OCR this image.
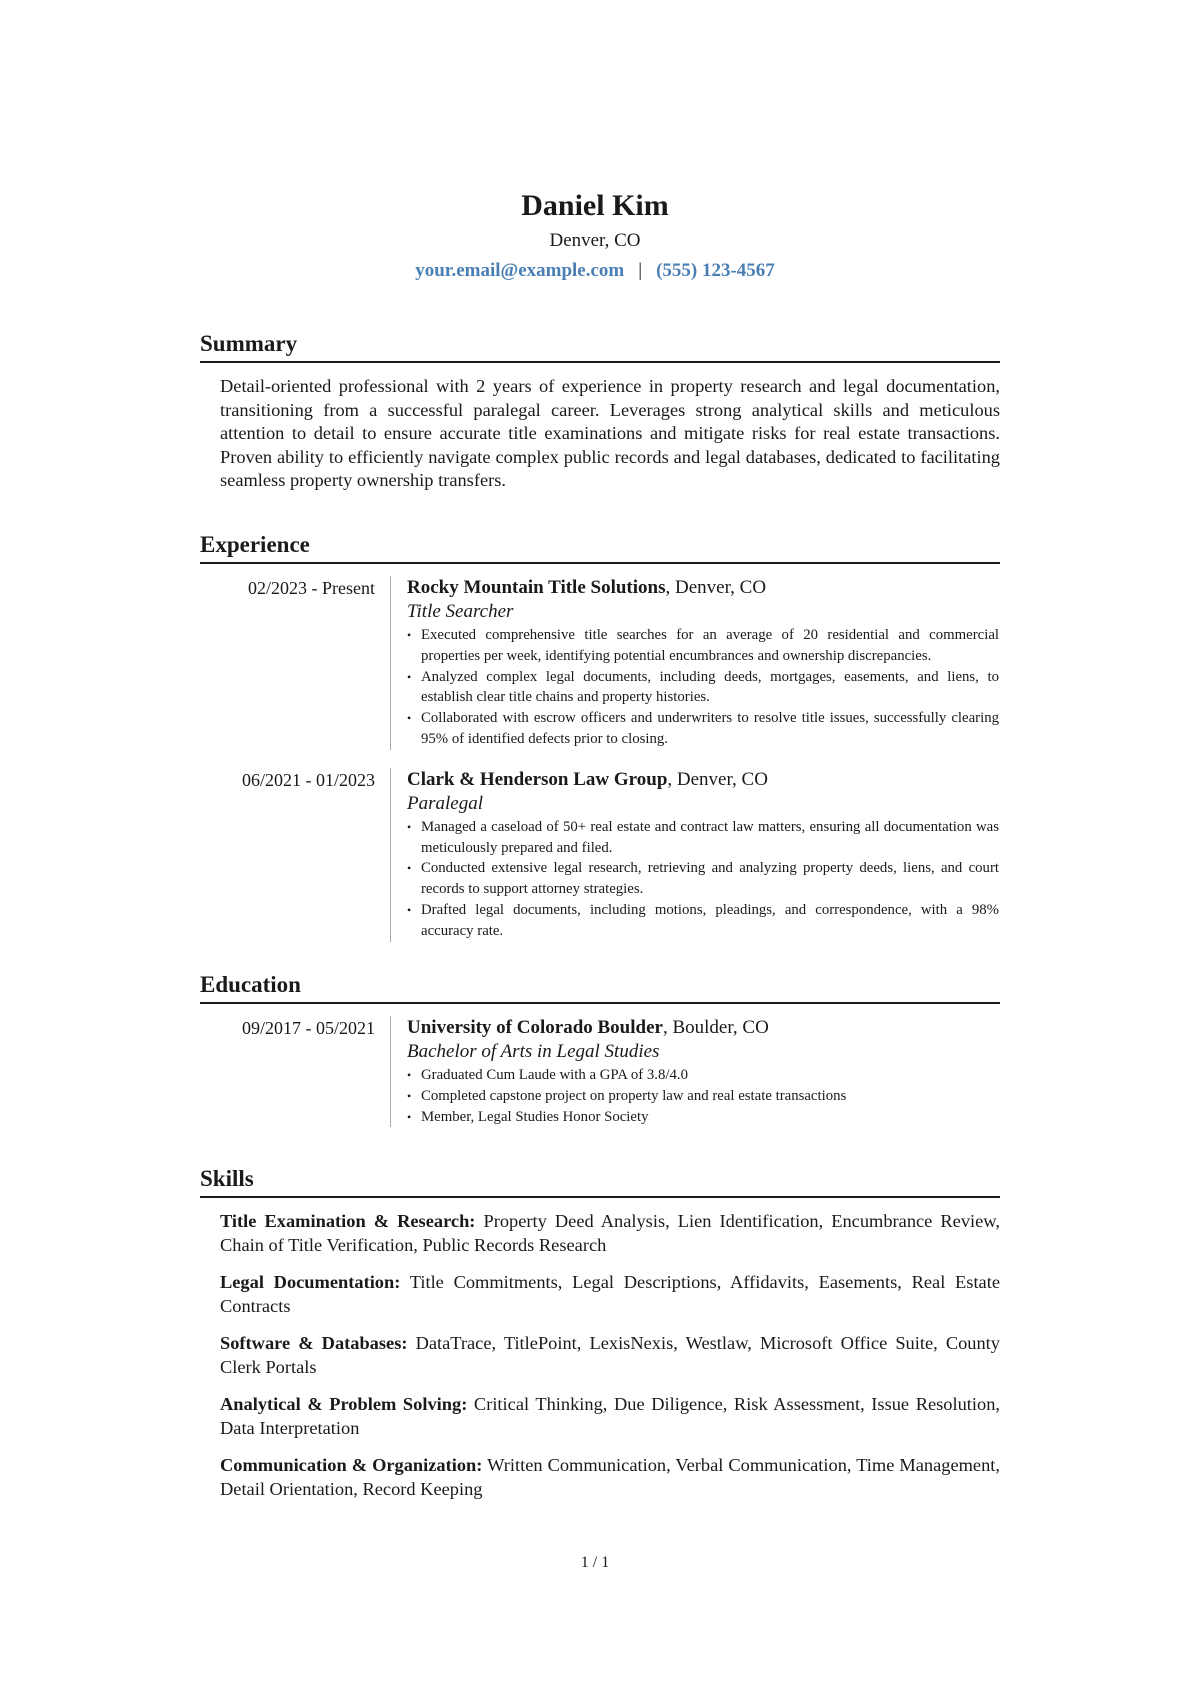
Daniel Kim
Denver, CO
your.email@example.com | (555) 123-4567
Summary

Detail-oriented professional with 2 years of experience in property research and legal documentation, transitioning from a successful paralegal career. Leverages strong analytical skills and meticulous attention to detail to ensure accurate title examinations and mitigate risks for real estate transactions. Proven ability to efficiently navigate complex public records and legal databases, dedicated to facilitating seamless property ownership transfers.

Experience
02/2023 - Present	Rocky Mountain Title Solutions, Denver, CO
Title Searcher
• Executed comprehensive title searches for an average of 20 residential and commercial properties per week, identifying potential encumbrances and ownership discrepancies.
• Analyzed complex legal documents, including deeds, mortgages, easements, and liens, to establish clear title chains and property histories.
• Collaborated with escrow officers and underwriters to resolve title issues, successfully clearing 95% of identified defects prior to closing.
06/2021 - 01/2023	Clark & Henderson Law Group, Denver, CO
Paralegal
• Managed a caseload of 50+ real estate and contract law matters, ensuring all documentation was meticulously prepared and filed.
• Conducted extensive legal research, retrieving and analyzing property deeds, liens, and court records to support attorney strategies.
• Drafted legal documents, including motions, pleadings, and correspondence, with a 98% accuracy rate.
Education
09/2017 - 05/2021	University of Colorado Boulder, Boulder, CO
Bachelor of Arts in Legal Studies
• Graduated Cum Laude with a GPA of 3.8/4.0
• Completed capstone project on property law and real estate transactions
• Member, Legal Studies Honor Society
Skills

Title Examination & Research: Property Deed Analysis, Lien Identification, Encumbrance Review, Chain of Title Verification, Public Records Research

Legal Documentation: Title Commitments, Legal Descriptions, Affidavits, Easements, Real Estate Contracts

Software & Databases: DataTrace, TitlePoint, LexisNexis, Westlaw, Microsoft Office Suite, County Clerk Portals

Analytical & Problem Solving: Critical Thinking, Due Diligence, Risk Assessment, Issue Resolution, Data Interpretation

Communication & Organization: Written Communication, Verbal Communication, Time Management, Detail Orientation, Record Keeping

1 / 1
